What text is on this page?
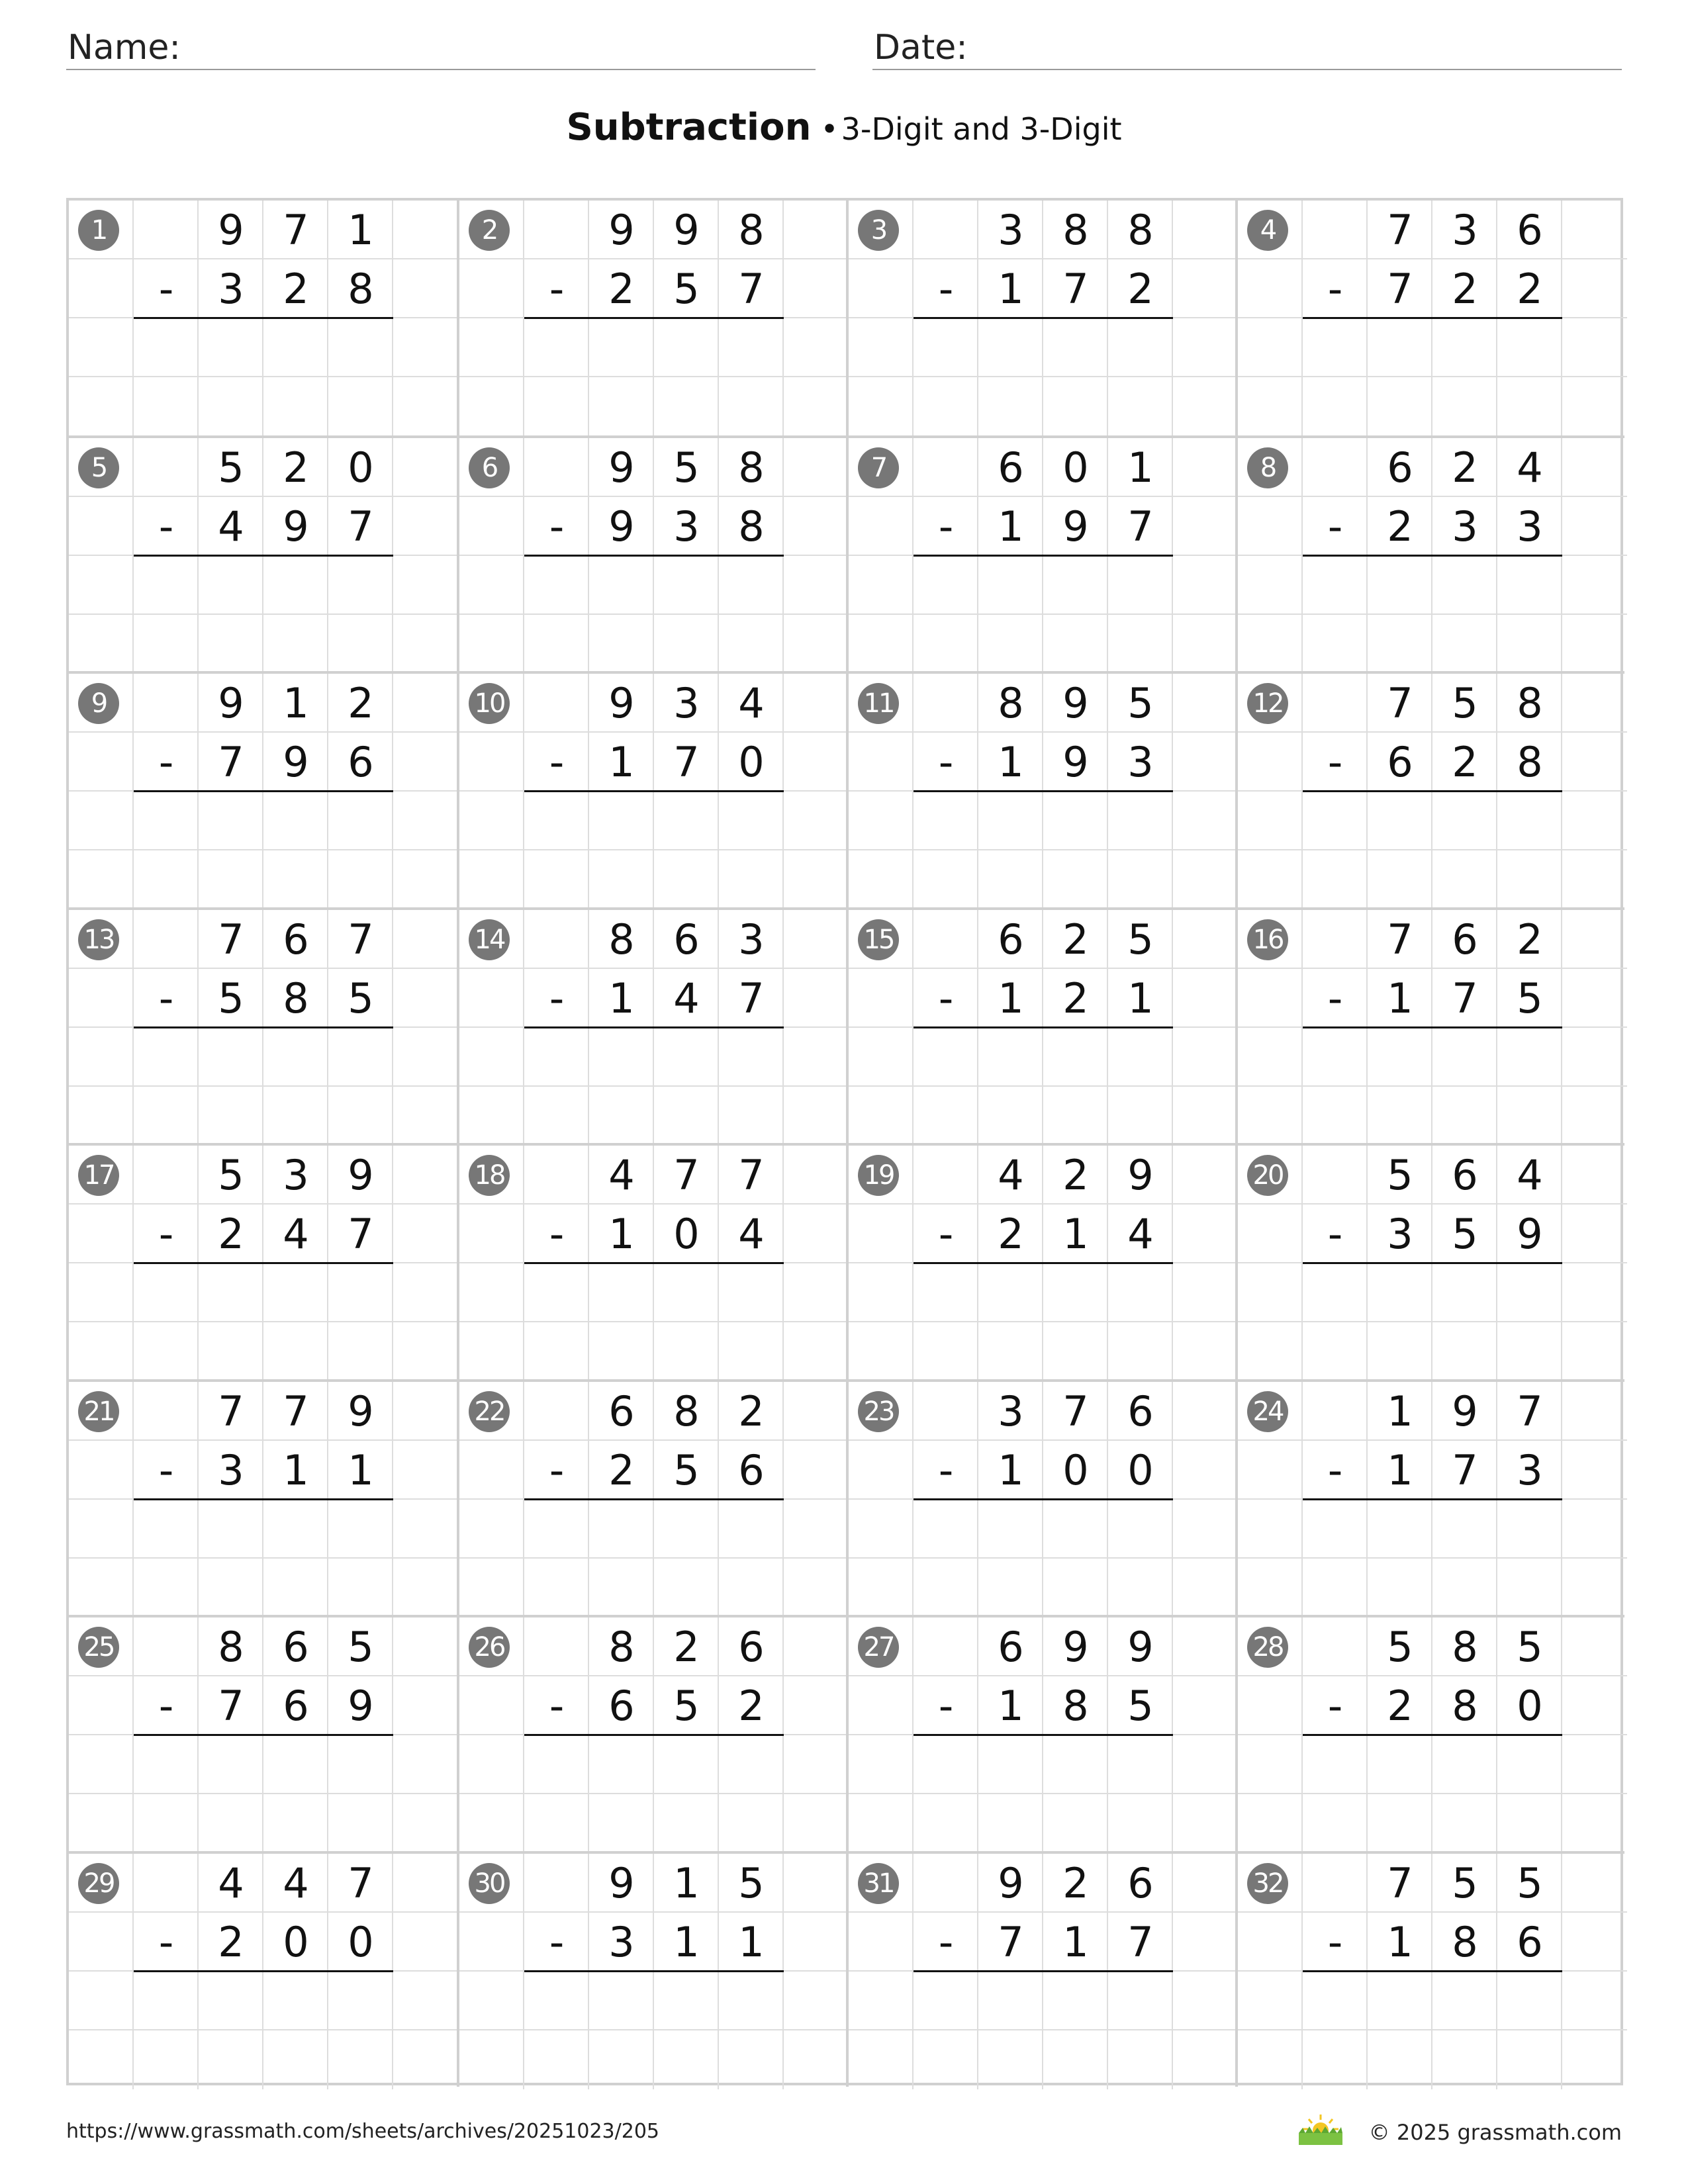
Name:	Date:
Subtraction •3-Digit and 3-Digit
1	9 7 1
-	3 2 8
2	9 9 8
-	2 5 7
3	3 8 8
-	1 7 2
4	7 3 6
-	7 2 2
5	5 2 0
-	4 9 7
6	9 5 8
-	9 3 8
7	6 0 1
-	1 9 7
8	6 2 4
-	2 3 3
9	9 1 2
-	7 9 6
10	9 3 4
-	1 7 0
11	8 9 5
-	1 9 3
12	7 5 8
-	6 2 8
13	7 6 7
-	5 8 5
14	8 6 3
-	1 4 7
15	6 2 5
-	1 2 1
16	7 6 2
-	1 7 5
17	5 3 9
-	2 4 7
18	4 7 7
-	1 0 4
19	4 2 9
-	2 1 4
20	5 6 4
-	3 5 9
21	7 7 9
-	3 1 1
22	6 8 2
-	2 5 6
23	3 7 6
-	1 0 0
24	1 9 7
-	1 7 3
25	8 6 5
-	7 6 9
26	8 2 6
-	6 5 2
27	6 9 9
-	1 8 5
28	5 8 5
-	2 8 0
29	4 4 7
-	2 0 0
30	9 1 5
-	3 1 1
31	9 2 6
-	7 1 7
32	7 5 5
-	1 8 6
https://www.grassmath.com/sheets/archives/20251023/205	© 2025 grassmath.com
